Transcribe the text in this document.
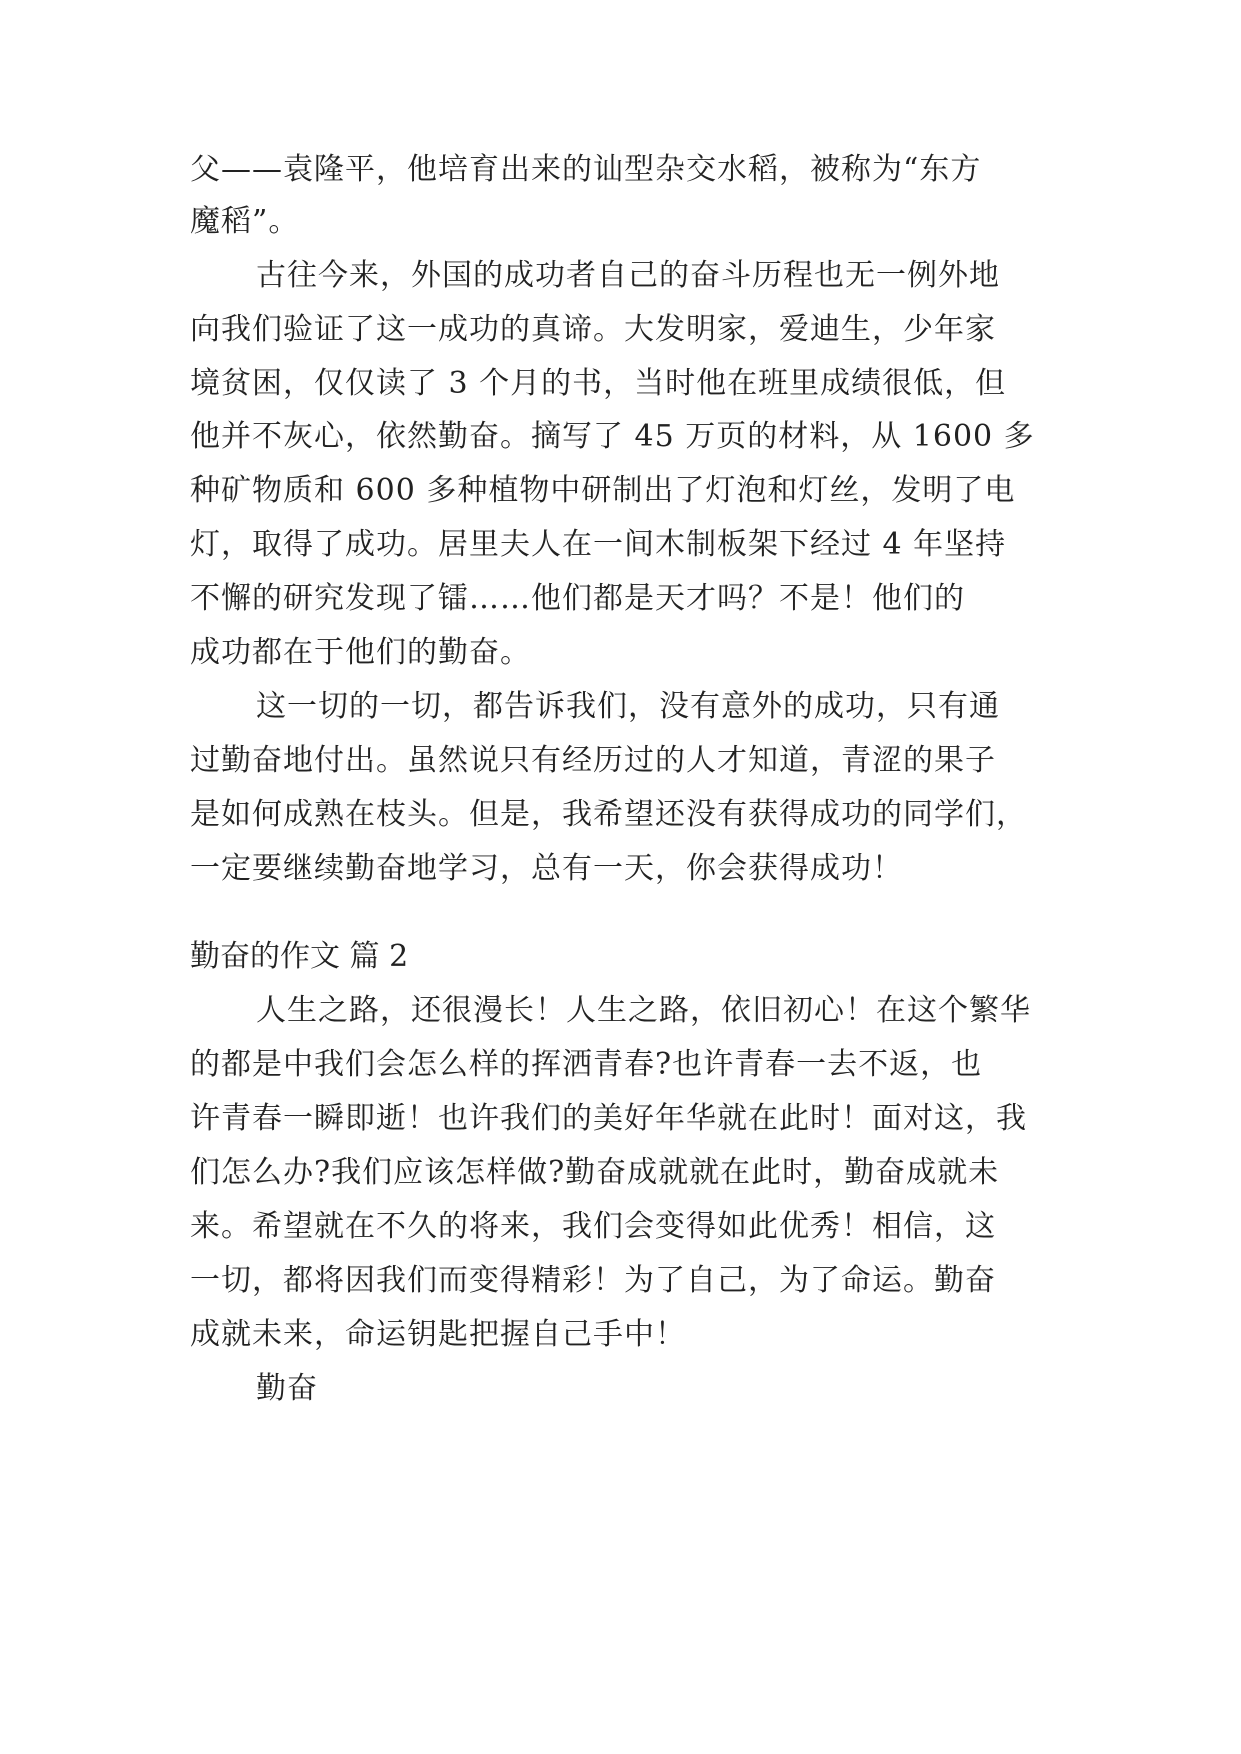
父——袁隆平，他培育出来的讪型杂交水稻，被称为“东方
魔稻”。
古往今来，外国的成功者自己的奋斗历程也无一例外地
向我们验证了这一成功的真谛。大发明家，爱迪生，少年家
境贫困，仅仅读了 3 个月的书，当时他在班里成绩很低，但
他并不灰心，依然勤奋。摘写了 45 万页的材料，从 1600 多
种矿物质和 600 多种植物中研制出了灯泡和灯丝，发明了电
灯，取得了成功。居里夫人在一间木制板架下经过 4 年坚持
不懈的研究发现了镭……他们都是天才吗？不是！他们的
成功都在于他们的勤奋。
这一切的一切，都告诉我们，没有意外的成功，只有通
过勤奋地付出。虽然说只有经历过的人才知道，青涩的果子
是如何成熟在枝头。但是，我希望还没有获得成功的同学们，
一定要继续勤奋地学习，总有一天，你会获得成功！
勤奋的作文 篇 2
人生之路，还很漫长！人生之路，依旧初心！在这个繁华
的都是中我们会怎么样的挥洒青春?也许青春一去不返，也
许青春一瞬即逝！也许我们的美好年华就在此时！面对这，我
们怎么办?我们应该怎样做?勤奋成就就在此时，勤奋成就未
来。希望就在不久的将来，我们会变得如此优秀！相信，这
一切，都将因我们而变得精彩！为了自己，为了命运。勤奋
成就未来，命运钥匙把握自己手中！
勤奋
